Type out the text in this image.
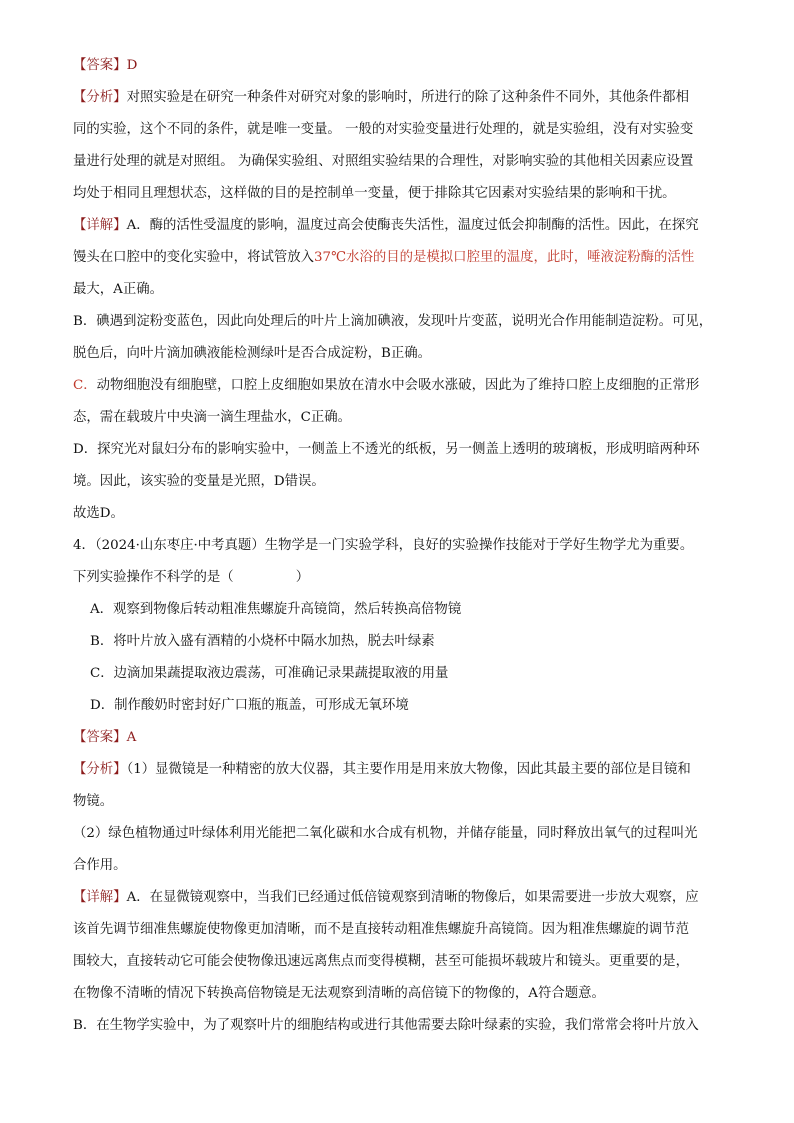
【答案】D
【分析】对照实验是在研究一种条件对研究对象的影响时，所进行的除了这种条件不同外，其他条件都相
同的实验，这个不同的条件，就是唯一变量。 一般的对实验变量进行处理的，就是实验组，没有对实验变
量进行处理的就是对照组。 为确保实验组、对照组实验结果的合理性，对影响实验的其他相关因素应设置
均处于相同且理想状态，这样做的目的是控制单一变量，便于排除其它因素对实验结果的影响和干扰。
【详解】A．酶的活性受温度的影响，温度过高会使酶丧失活性，温度过低会抑制酶的活性。因此，在探究
馒头在口腔中的变化实验中，将试管放入37℃水浴的目的是模拟口腔里的温度，此时，唾液淀粉酶的活性
最大，A正确。
B．碘遇到淀粉变蓝色，因此向处理后的叶片上滴加碘液，发现叶片变蓝，说明光合作用能制造淀粉。可见，
脱色后，向叶片滴加碘液能检测绿叶是否合成淀粉，B正确。
C．动物细胞没有细胞壁，口腔上皮细胞如果放在清水中会吸水涨破，因此为了维持口腔上皮细胞的正常形
态，需在载玻片中央滴一滴生理盐水，C正确。
D．探究光对鼠妇分布的影响实验中，一侧盖上不透光的纸板，另一侧盖上透明的玻璃板，形成明暗两种环
境。因此，该实验的变量是光照，D错误。
故选D。
4．（2024·山东枣庄·中考真题）生物学是一门实验学科，良好的实验操作技能对于学好生物学尤为重要。
下列实验操作不科学的是（	）
A．观察到物像后转动粗准焦螺旋升高镜筒，然后转换高倍物镜
B．将叶片放入盛有酒精的小烧杯中隔水加热，脱去叶绿素
C．边滴加果蔬提取液边震荡，可准确记录果蔬提取液的用量
D．制作酸奶时密封好广口瓶的瓶盖，可形成无氧环境
【答案】A
【分析】（1）显微镜是一种精密的放大仪器，其主要作用是用来放大物像，因此其最主要的部位是目镜和
物镜。
（2）绿色植物通过叶绿体利用光能把二氧化碳和水合成有机物，并储存能量，同时释放出氧气的过程叫光
合作用。
【详解】A．在显微镜观察中，当我们已经通过低倍镜观察到清晰的物像后，如果需要进一步放大观察，应
该首先调节细准焦螺旋使物像更加清晰，而不是直接转动粗准焦螺旋升高镜筒。因为粗准焦螺旋的调节范
围较大，直接转动它可能会使物像迅速远离焦点而变得模糊，甚至可能损坏载玻片和镜头。更重要的是，
在物像不清晰的情况下转换高倍物镜是无法观察到清晰的高倍镜下的物像的，A符合题意。
B．在生物学实验中，为了观察叶片的细胞结构或进行其他需要去除叶绿素的实验，我们常常会将叶片放入
